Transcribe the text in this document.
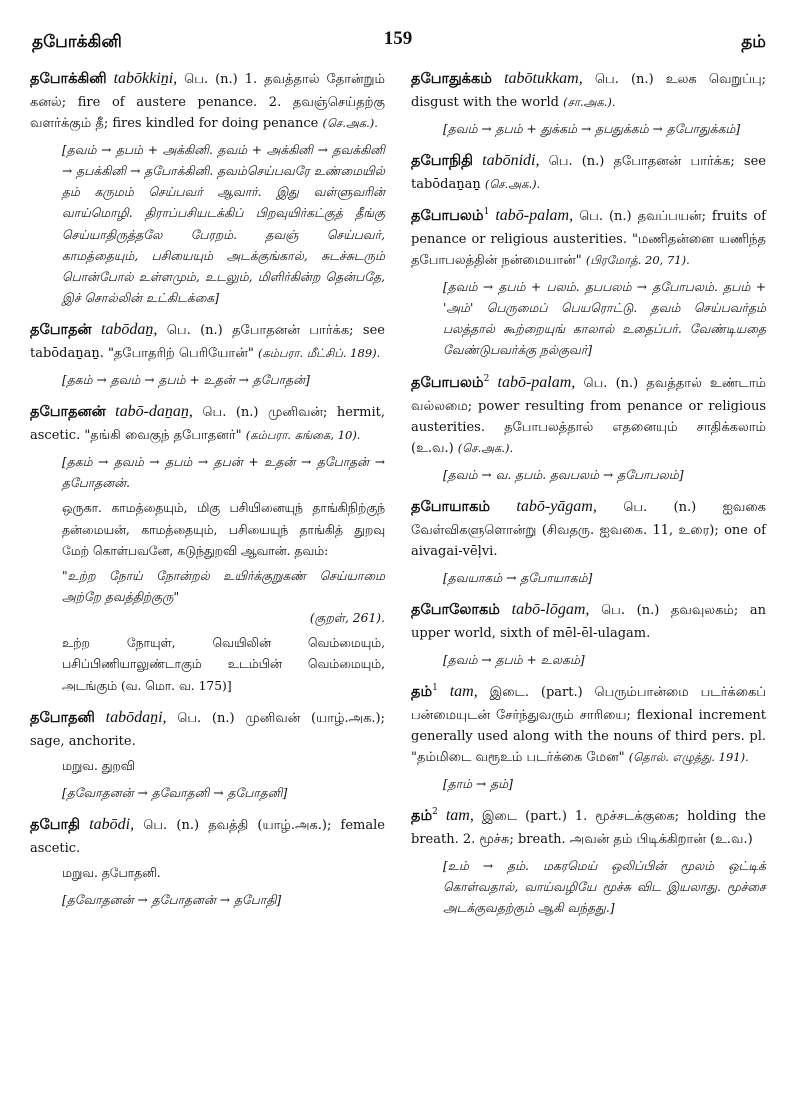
தபோக்கினி	159	தம்
தபோக்கினி tabōkkiṉi, பெ. (n.) 1. தவத்தால் தோன்றும் கனல்; fire of austere penance. 2. தவஞ்செய்தற்கு வளர்க்கும் தீ; fires kindled for doing penance (செ.அக.).
[தவம் → தபம் + அக்கினி. தவம் + அக்கினி → தவக்கினி → தபக்கினி → தபோக்கினி. தவம்செய்பவரே உண்மையில் தம் கருமம் செய்பவர் ஆவார். இது வள்ளுவரின் வாய்மொழி. திராப்பசியடக்கிப் பிறவுயிர்கட்குத் தீங்கு செய்யாதிருத்தலே பேரறம். தவஞ் செய்பவர், காமத்தையும், பசியையும் அடக்குங்கால், சுடச்சுடரும் பொன்போல் உள்ளமும், உடலும், மிளிர்கின்ற தென்பதே, இச் சொல்லின் உட்கிடக்கை]
தபோதன் tabōdaṉ, பெ. (n.) தபோதனன் பார்க்க; see tabōdaṉaṉ. "தபோதரிற் பெரியோன்" (கம்பரா. மீட்சிப். 189).
[தகம் → தவம் → தபம் + உதன் → தபோதன்]
தபோதனன் tabō-daṉaṉ, பெ. (n.) முனிவன்; hermit, ascetic. "தங்கி வைகுந் தபோதனர்" (கம்பரா. கங்கை, 10).
[தகம் → தவம் → தபம் → தபன் + உதன் → தபோதன் → தபோதனன்.
ஒருகா. காமத்தையும், மிகு பசியினையுந் தாங்கிநிற்குந் தன்மையன், காமத்தையும், பசியையுந் தாங்கித் துறவு மேற் கொள்பவனே, கடுந்துறவி ஆவான். தவம்:
"உற்ற நோய் நோன்றல் உயிர்க்குறுகண் செய்யாமை அற்றே தவத்திற்குரு"
(குறள், 261).
உற்ற நோயுள், வெயிலின் வெம்மையும், பசிப்பிணியாலுண்டாகும் உடம்பின் வெம்மையும், அடங்கும் (வ. மொ. வ. 175)]
தபோதனி tabōdaṉi, பெ. (n.) முனிவன் (யாழ்.அக.); sage, anchorite.
மறுவ. துறவி
[தவோதனன் → தவோதனி → தபோதனி]
தபோதி tabōdi, பெ. (n.) தவத்தி (யாழ்.அக.); female ascetic.
மறுவ. தபோதனி.
[தவோதனன் → தபோதனன் → தபோதி]
தபோதுக்கம் tabōtukkam, பெ. (n.) உலக வெறுப்பு; disgust with the world (சா.அக.).
[தவம் → தபம் + துக்கம் → தபதுக்கம் → தபோதுக்கம்]
தபோநிதி tabōnidi, பெ. (n.) தபோதனன் பார்க்க; see tabōdaṉaṉ (செ.அக.).
தபோபலம்$^1$ tabō-palam, பெ. (n.) தவப்பயன்; fruits of penance or religious austerities. "மணிதன்னை யணிந்த தபோபலத்தின் நன்மையான்" (பிரமோத். 20, 71).
[தவம் → தபம் + பலம். தபபலம் → தபோபலம். தபம் + 'அம்' பெருமைப் பெயரொட்டு. தவம் செய்பவர்தம் பலத்தால் கூற்றையுங் காலால் உதைப்பர். வேண்டியதை வேண்டுபவர்க்கு நல்குவர்]
தபோபலம்$^2$ tabō-palam, பெ. (n.) தவத்தால் உண்டாம் வல்லமை; power resulting from penance or religious austerities. தபோபலத்தால் எதனையும் சாதிக்கலாம் (உ.வ.) (செ.அக.).
[தவம் → வ. தபம். தவபலம் → தபோபலம்]
தபோயாகம் tabō-yāgam, பெ. (n.) ஐவகை வேள்விகளுளொன்று (சிவதரு. ஐவகை. 11, உரை); one of aivagai-vēḷvi.
[தவயாகம் → தபோயாகம்]
தபோலோகம் tabō-lōgam, பெ. (n.) தவவுலகம்; an upper world, sixth of mēl-ēl-ulagam.
[தவம் → தபம் + உலகம்]
தம்$^1$ tam, இடை. (part.) பெரும்பான்மை படர்க்கைப் பன்மையுடன் சேர்ந்துவரும் சாரியை; flexional increment generally used along with the nouns of third pers. pl. "தம்மிடை வரூஉம் படர்க்கை மேன" (தொல். எழுத்து. 191).
[தாம் → தம்]
தம்$^2$ tam, இடை (part.) 1. மூச்சடக்குகை; holding the breath. 2. மூச்சு; breath. அவன் தம் பிடிக்கிறான் (உ.வ.)
[உம் → தம். மகரமெய் ஒலிப்பின் மூலம் ஒட்டிக் கொள்வதால், வாய்வழியே மூச்சு விட இயலாது. மூச்சை அடக்குவதற்கும் ஆகி வந்தது.]
